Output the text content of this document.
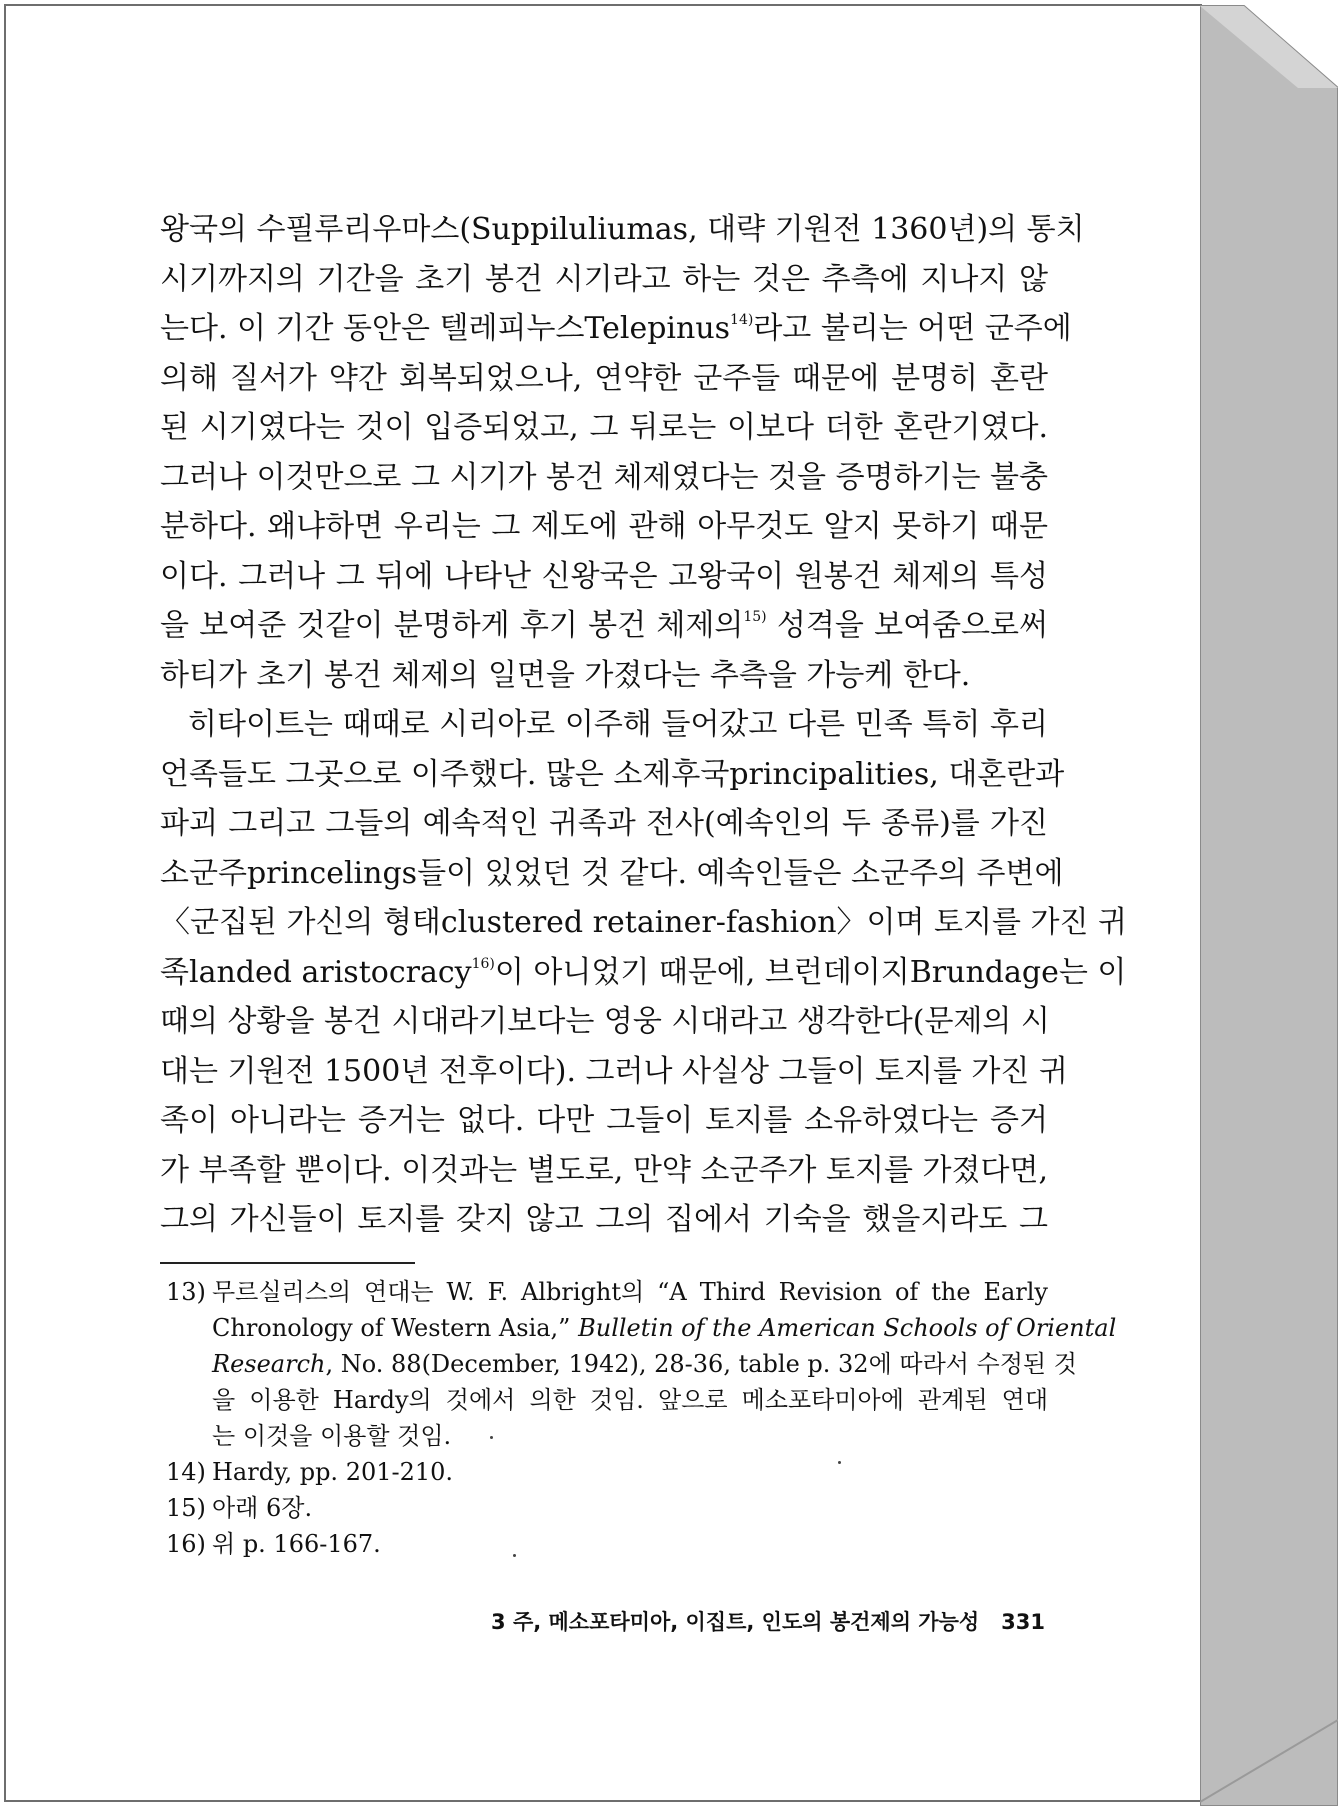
왕국의 수필루리우마스(Suppiluliumas, 대략 기원전 1360년)의 통치
시기까지의 기간을 초기 봉건 시기라고 하는 것은 추측에 지나지 않
는다. 이 기간 동안은 텔레피누스Telepinus$^{14)}$라고 불리는 어떤 군주에
의해 질서가 약간 회복되었으나, 연약한 군주들 때문에 분명히 혼란
된 시기였다는 것이 입증되었고, 그 뒤로는 이보다 더한 혼란기였다.
그러나 이것만으로 그 시기가 봉건 체제였다는 것을 증명하기는 불충
분하다. 왜냐하면 우리는 그 제도에 관해 아무것도 알지 못하기 때문
이다. 그러나 그 뒤에 나타난 신왕국은 고왕국이 원봉건 체제의 특성
을 보여준 것같이 분명하게 후기 봉건 체제의$^{15)}$ 성격을 보여줌으로써
하티가 초기 봉건 체제의 일면을 가졌다는 추측을 가능케 한다.
히타이트는 때때로 시리아로 이주해 들어갔고 다른 민족 특히 후리
언족들도 그곳으로 이주했다. 많은 소제후국principalities, 대혼란과
파괴 그리고 그들의 예속적인 귀족과 전사(예속인의 두 종류)를 가진
소군주princelings들이 있었던 것 같다. 예속인들은 소군주의 주변에
〈군집된 가신의 형태clustered retainer-fashion〉이며 토지를 가진 귀
족landed aristocracy$^{16)}$이 아니었기 때문에, 브런데이지Brundage는 이
때의 상황을 봉건 시대라기보다는 영웅 시대라고 생각한다(문제의 시
대는 기원전 1500년 전후이다). 그러나 사실상 그들이 토지를 가진 귀
족이 아니라는 증거는 없다. 다만 그들이 토지를 소유하였다는 증거
가 부족할 뿐이다. 이것과는 별도로, 만약 소군주가 토지를 가졌다면,
그의 가신들이 토지를 갖지 않고 그의 집에서 기숙을 했을지라도 그
13) 무르실리스의 연대는 W. F. Albright의 “A Third Revision of the Early
Chronology of Western Asia,” Bulletin of the American Schools of Oriental
Research, No. 88(December, 1942), 28-36, table p. 32에 따라서 수정된 것
을 이용한 Hardy의 것에서 의한 것임. 앞으로 메소포타미아에 관계된 연대
는 이것을 이용할 것임.
14) Hardy, pp. 201-210.
15) 아래 6장.
16) 위 p. 166-167.
3 주, 메소포타미아, 이집트, 인도의 봉건제의 가능성 331
